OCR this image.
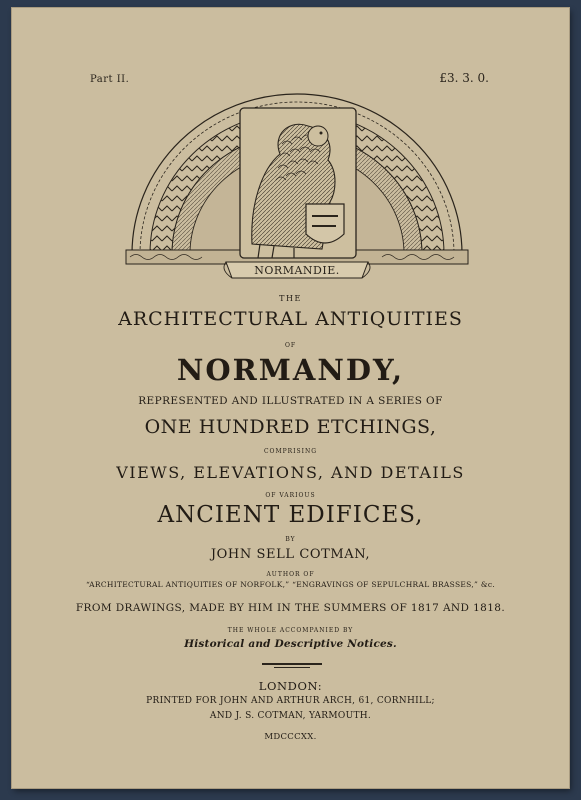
Part II.	£3. 3. 0.
NORMANDIE.
THE
ARCHITECTURAL ANTIQUITIES
OF
NORMANDY,
REPRESENTED AND ILLUSTRATED IN A SERIES OF
ONE HUNDRED ETCHINGS,
COMPRISING
VIEWS, ELEVATIONS, AND DETAILS
OF VARIOUS
ANCIENT EDIFICES,
BY
JOHN SELL COTMAN,
AUTHOR OF
“ARCHITECTURAL ANTIQUITIES OF NORFOLK,” “ENGRAVINGS OF SEPULCHRAL BRASSES,” &c.
FROM DRAWINGS, MADE BY HIM IN THE SUMMERS OF 1817 AND 1818.
THE WHOLE ACCOMPANIED BY
Historical and Descriptive Notices.
LONDON:
PRINTED FOR JOHN AND ARTHUR ARCH, 61, CORNHILL;
AND J. S. COTMAN, YARMOUTH.
MDCCCXX.
